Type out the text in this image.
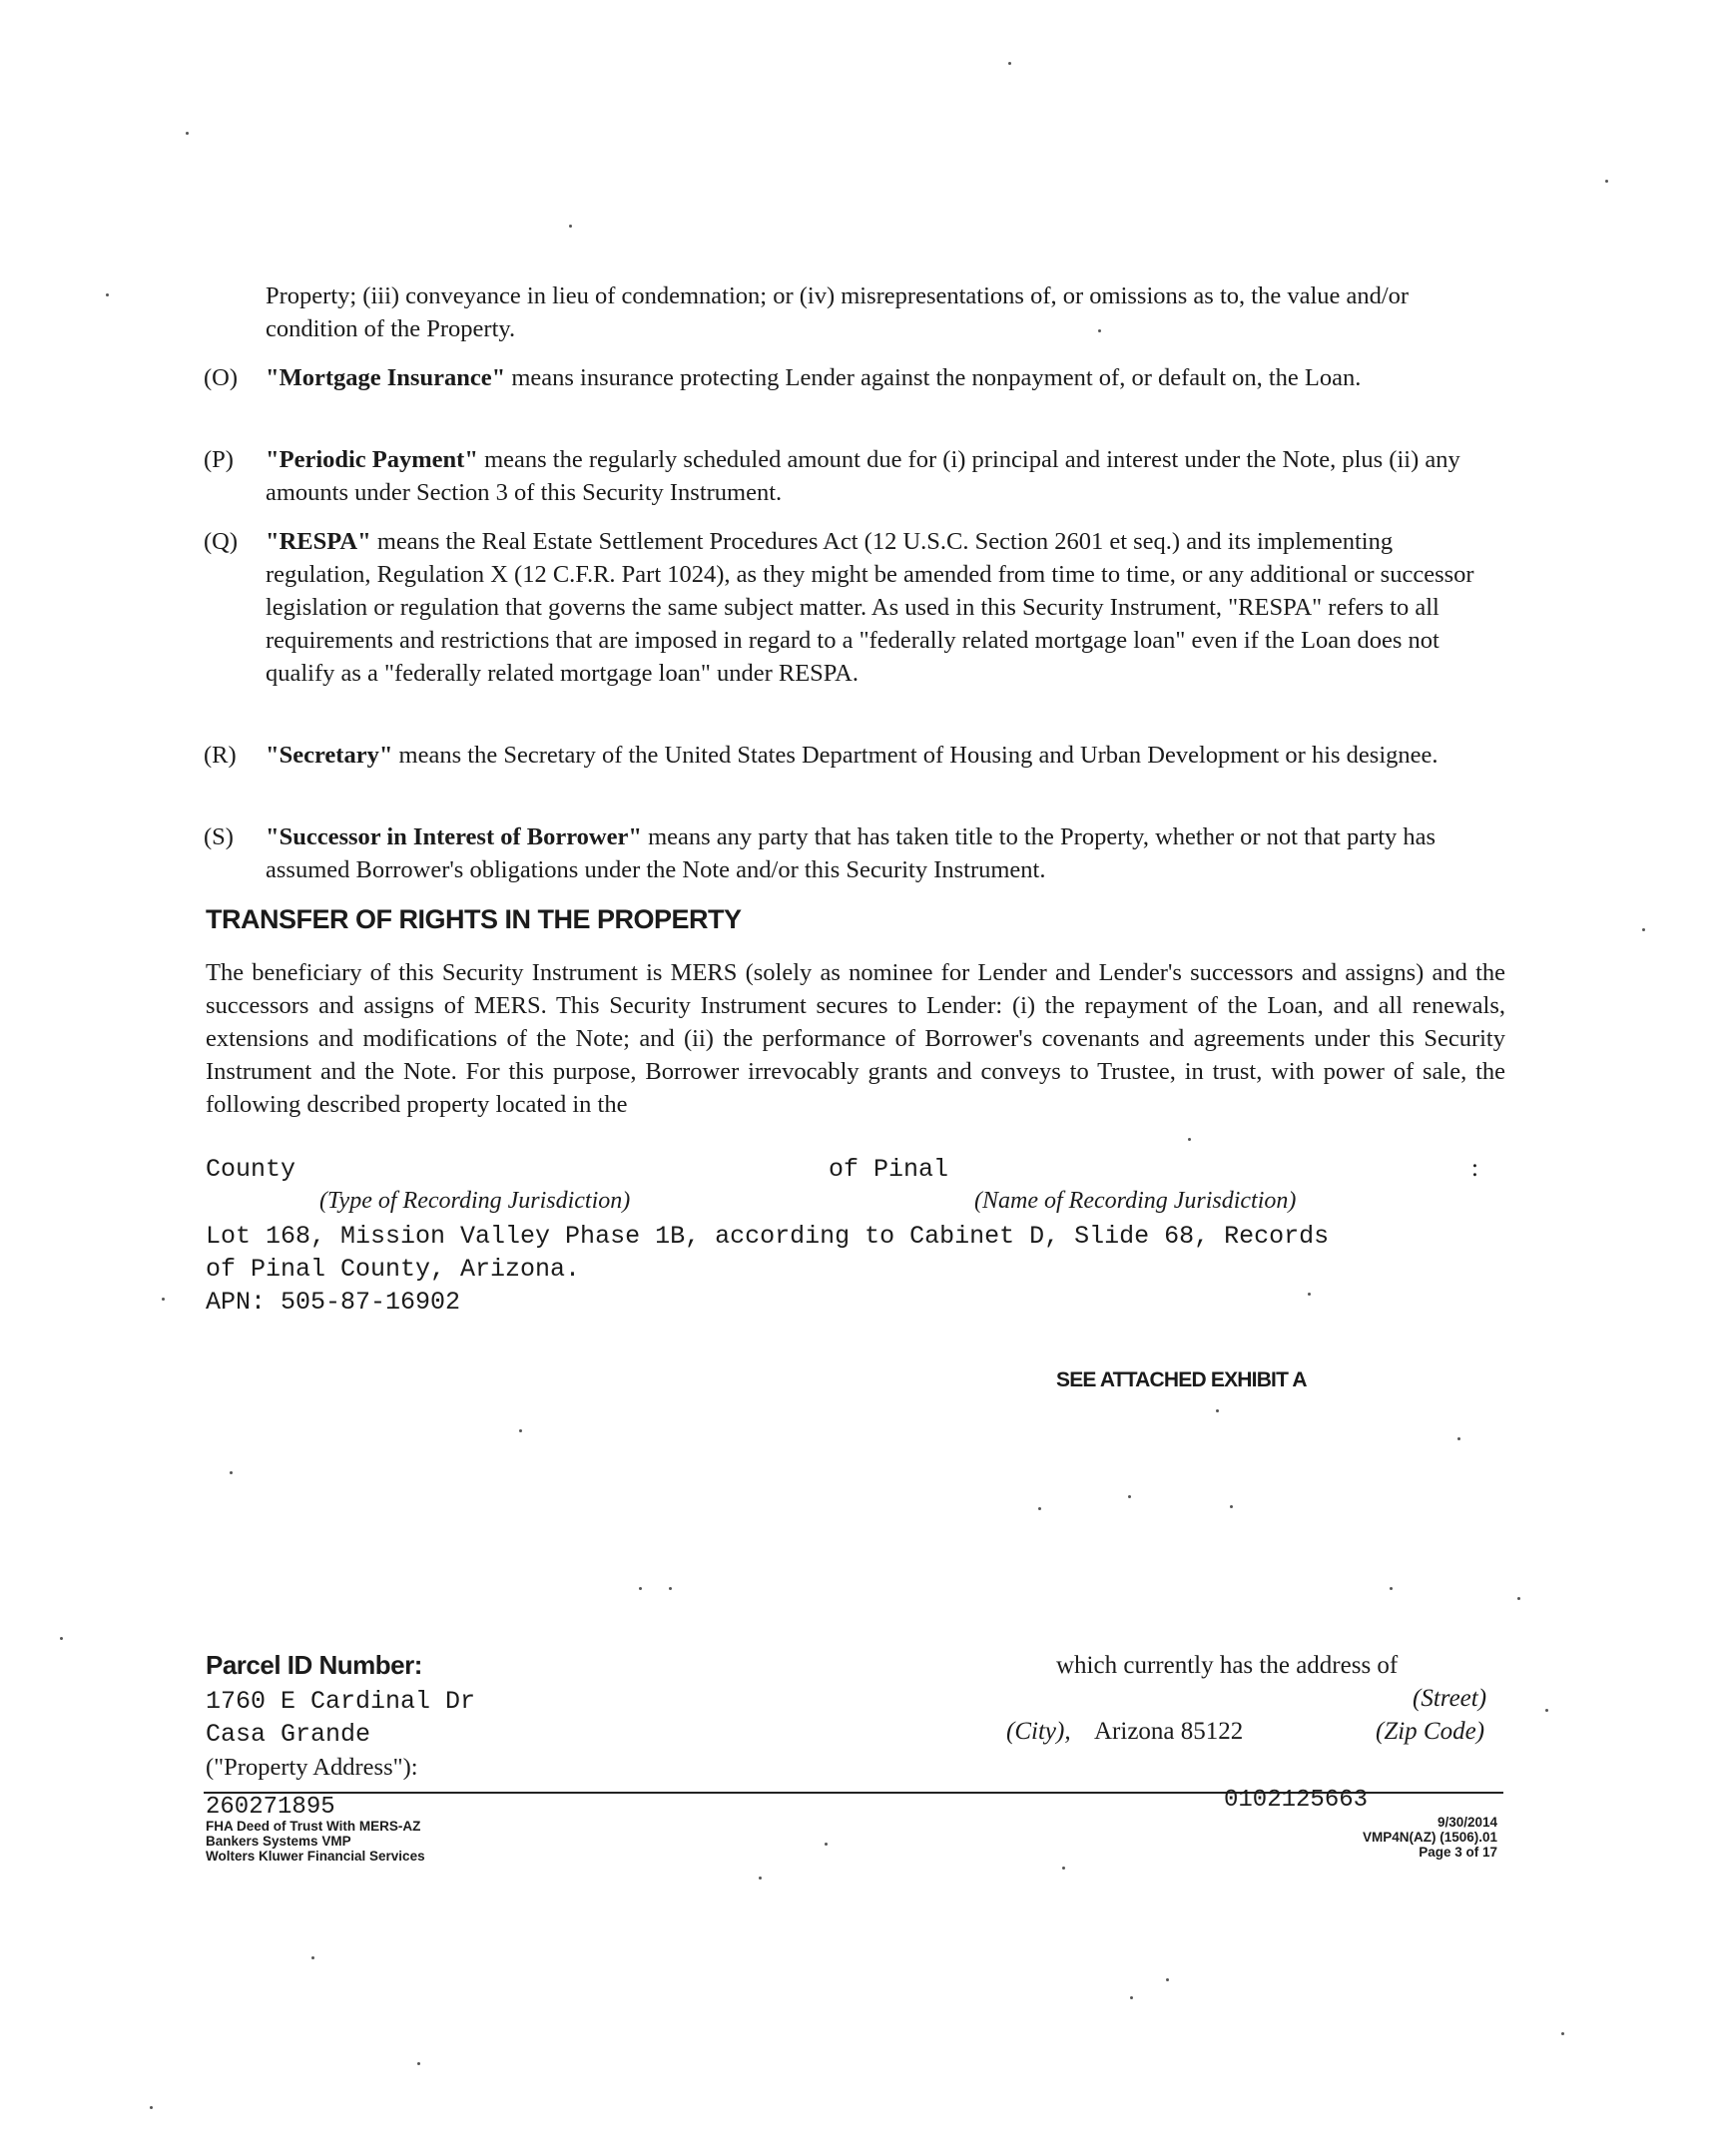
Property; (iii) conveyance in lieu of condemnation; or (iv) misrepresentations of, or omissions as to, the value and/or condition of the Property.
(O) "Mortgage Insurance" means insurance protecting Lender against the nonpayment of, or default on, the Loan.
(P) "Periodic Payment" means the regularly scheduled amount due for (i) principal and interest under the Note, plus (ii) any amounts under Section 3 of this Security Instrument.
(Q) "RESPA" means the Real Estate Settlement Procedures Act (12 U.S.C. Section 2601 et seq.) and its implementing regulation, Regulation X (12 C.F.R. Part 1024), as they might be amended from time to time, or any additional or successor legislation or regulation that governs the same subject matter. As used in this Security Instrument, "RESPA" refers to all requirements and restrictions that are imposed in regard to a "federally related mortgage loan" even if the Loan does not qualify as a "federally related mortgage loan" under RESPA.
(R) "Secretary" means the Secretary of the United States Department of Housing and Urban Development or his designee.
(S) "Successor in Interest of Borrower" means any party that has taken title to the Property, whether or not that party has assumed Borrower's obligations under the Note and/or this Security Instrument.
TRANSFER OF RIGHTS IN THE PROPERTY
The beneficiary of this Security Instrument is MERS (solely as nominee for Lender and Lender's successors and assigns) and the successors and assigns of MERS. This Security Instrument secures to Lender: (i) the repayment of the Loan, and all renewals, extensions and modifications of the Note; and (ii) the performance of Borrower's covenants and agreements under this Security Instrument and the Note. For this purpose, Borrower irrevocably grants and conveys to Trustee, in trust, with power of sale, the following described property located in the
County	of Pinal	:
(Type of Recording Jurisdiction)	(Name of Recording Jurisdiction)
Lot 168, Mission Valley Phase 1B, according to Cabinet D, Slide 68, Records
of Pinal County, Arizona.
APN: 505-87-16902
SEE ATTACHED EXHIBIT A
Parcel ID Number:	which currently has the address of
1760 E Cardinal Dr	(Street)
Casa Grande	(City), Arizona 85122	(Zip Code)
("Property Address"):
260271895
FHA Deed of Trust With MERS-AZ
Bankers Systems VMP
Wolters Kluwer Financial Services
0102125663
9/30/2014
VMP4N(AZ) (1506).01
Page 3 of 17
